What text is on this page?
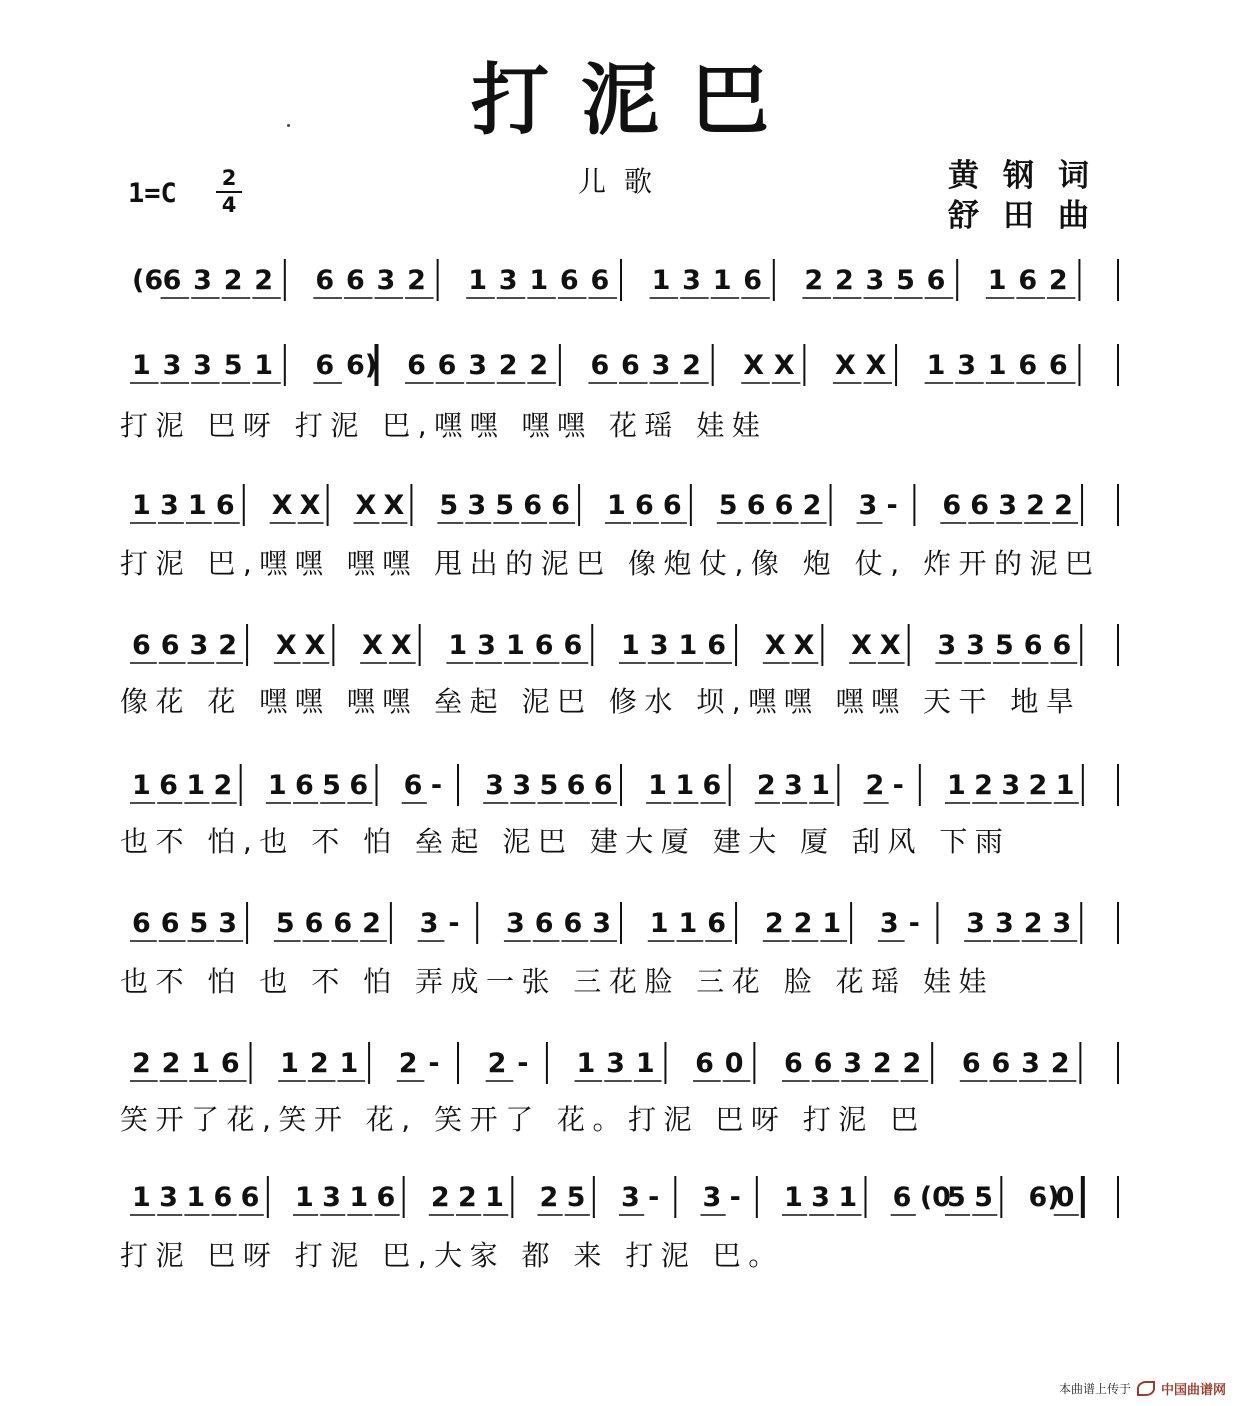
打泥巴
儿歌	黄钢词
舒田曲
$1=C \frac{2}{4}$
(6 6 3 2 2 6 6 3 2 1 3 1 6 6 1 3 1 6 2 2 3 5 6 1 6 2
1 3 3 5 1 6 6) 6 6 3 2 2 6 6 3 2 X X X X 1 3 1 6 6
打泥 巴呀 打泥 巴,嘿嘿 嘿嘿 花瑶 娃娃
1 3 1 6 X X X X 5 3 5 6 6 1 6 6 5 6 6 2 3 - 6 6 3 2 2
打泥 巴,嘿嘿 嘿嘿 甩出的泥巴 像炮仗,像 炮 仗, 炸开的泥巴
6 6 3 2 X X X X 1 3 1 6 6 1 3 1 6 X X X X 3 3 5 6 6
像花 花 嘿嘿 嘿嘿 垒起 泥巴 修水 坝,嘿嘿 嘿嘿 天干 地旱
1 6 1 2 1 6 5 6 6 - 3 3 5 6 6 1 1 6 2 3 1 2 - 1 2 3 2 1
也不 怕,也 不 怕 垒起 泥巴 建大厦 建大 厦 刮风 下雨
6 6 5 3 5 6 6 2 3 - 3 6 6 3 1 1 6 2 2 1 3 - 3 3 2 3
也不 怕 也 不 怕 弄成一张 三花脸 三花 脸 花瑶 娃娃
2 2 1 6 1 2 1 2 - 2 - 1 3 1 6 0 6 6 3 2 2 6 6 3 2
笑开了花,笑开 花, 笑开了 花。打泥 巴呀 打泥 巴
1 3 1 6 6 1 3 1 6 2 2 1 2 5 3 - 3 - 1 3 1 6 (0
5 5 6)
0
打泥 巴呀 打泥 巴,大家 都 来 打泥 巴。
本曲谱上传于 中国曲谱网
